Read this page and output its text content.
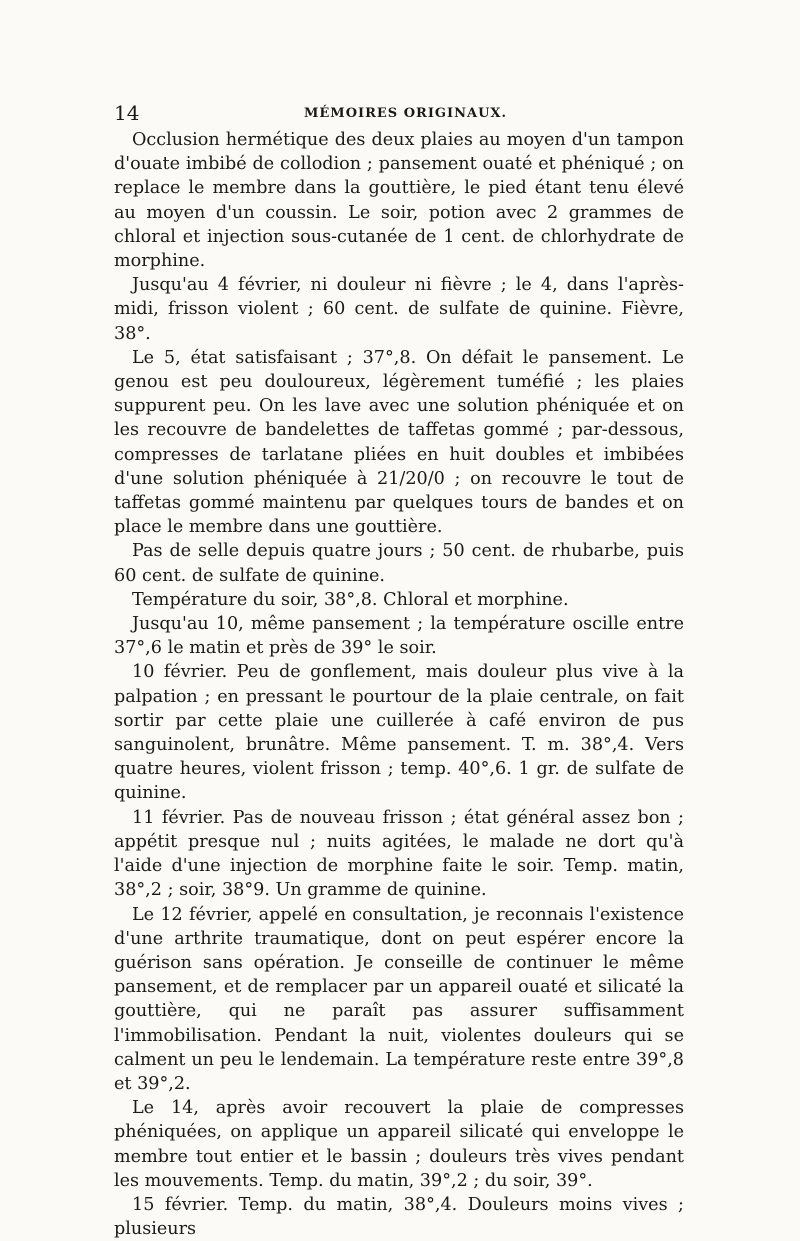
14	MÉMOIRES ORIGINAUX.

Occlusion hermétique des deux plaies au moyen d'un tampon d'ouate imbibé de collodion ; pansement ouaté et phéniqué ; on replace le membre dans la gouttière, le pied étant tenu élevé au moyen d'un coussin. Le soir, potion avec 2 grammes de chloral et injection sous-cutanée de 1 cent. de chlorhydrate de morphine.

Jusqu'au 4 février, ni douleur ni fièvre ; le 4, dans l'après-midi, frisson violent ; 60 cent. de sulfate de quinine. Fièvre, 38°.

Le 5, état satisfaisant ; 37°,8. On défait le pansement. Le genou est peu douloureux, légèrement tuméfié ; les plaies suppurent peu. On les lave avec une solution phéniquée et on les recouvre de bandelettes de taffetas gommé ; par-dessous, compresses de tarlatane pliées en huit doubles et imbibées d'une solution phéniquée à 21/20/0 ; on recouvre le tout de taffetas gommé maintenu par quelques tours de bandes et on place le membre dans une gouttière.

Pas de selle depuis quatre jours ; 50 cent. de rhubarbe, puis 60 cent. de sulfate de quinine.

Température du soir, 38°,8. Chloral et morphine.

Jusqu'au 10, même pansement ; la température oscille entre 37°,6 le matin et près de 39° le soir.

10 février. Peu de gonflement, mais douleur plus vive à la palpation ; en pressant le pourtour de la plaie centrale, on fait sortir par cette plaie une cuillerée à café environ de pus sanguinolent, brunâtre. Même pansement. T. m. 38°,4. Vers quatre heures, violent frisson ; temp. 40°,6. 1 gr. de sulfate de quinine.

11 février. Pas de nouveau frisson ; état général assez bon ; appétit presque nul ; nuits agitées, le malade ne dort qu'à l'aide d'une injection de morphine faite le soir. Temp. matin, 38°,2 ; soir, 38°9. Un gramme de quinine.

Le 12 février, appelé en consultation, je reconnais l'existence d'une arthrite traumatique, dont on peut espérer encore la guérison sans opération. Je conseille de continuer le même pansement, et de remplacer par un appareil ouaté et silicaté la gouttière, qui ne paraît pas assurer suffisamment l'immobilisation. Pendant la nuit, violentes douleurs qui se calment un peu le lendemain. La température reste entre 39°,8 et 39°,2.

Le 14, après avoir recouvert la plaie de compresses phéniquées, on applique un appareil silicaté qui enveloppe le membre tout entier et le bassin ; douleurs très vives pendant les mouvements. Temp. du matin, 39°,2 ; du soir, 39°.

15 février. Temp. du matin, 38°,4. Douleurs moins vives ; plusieurs
